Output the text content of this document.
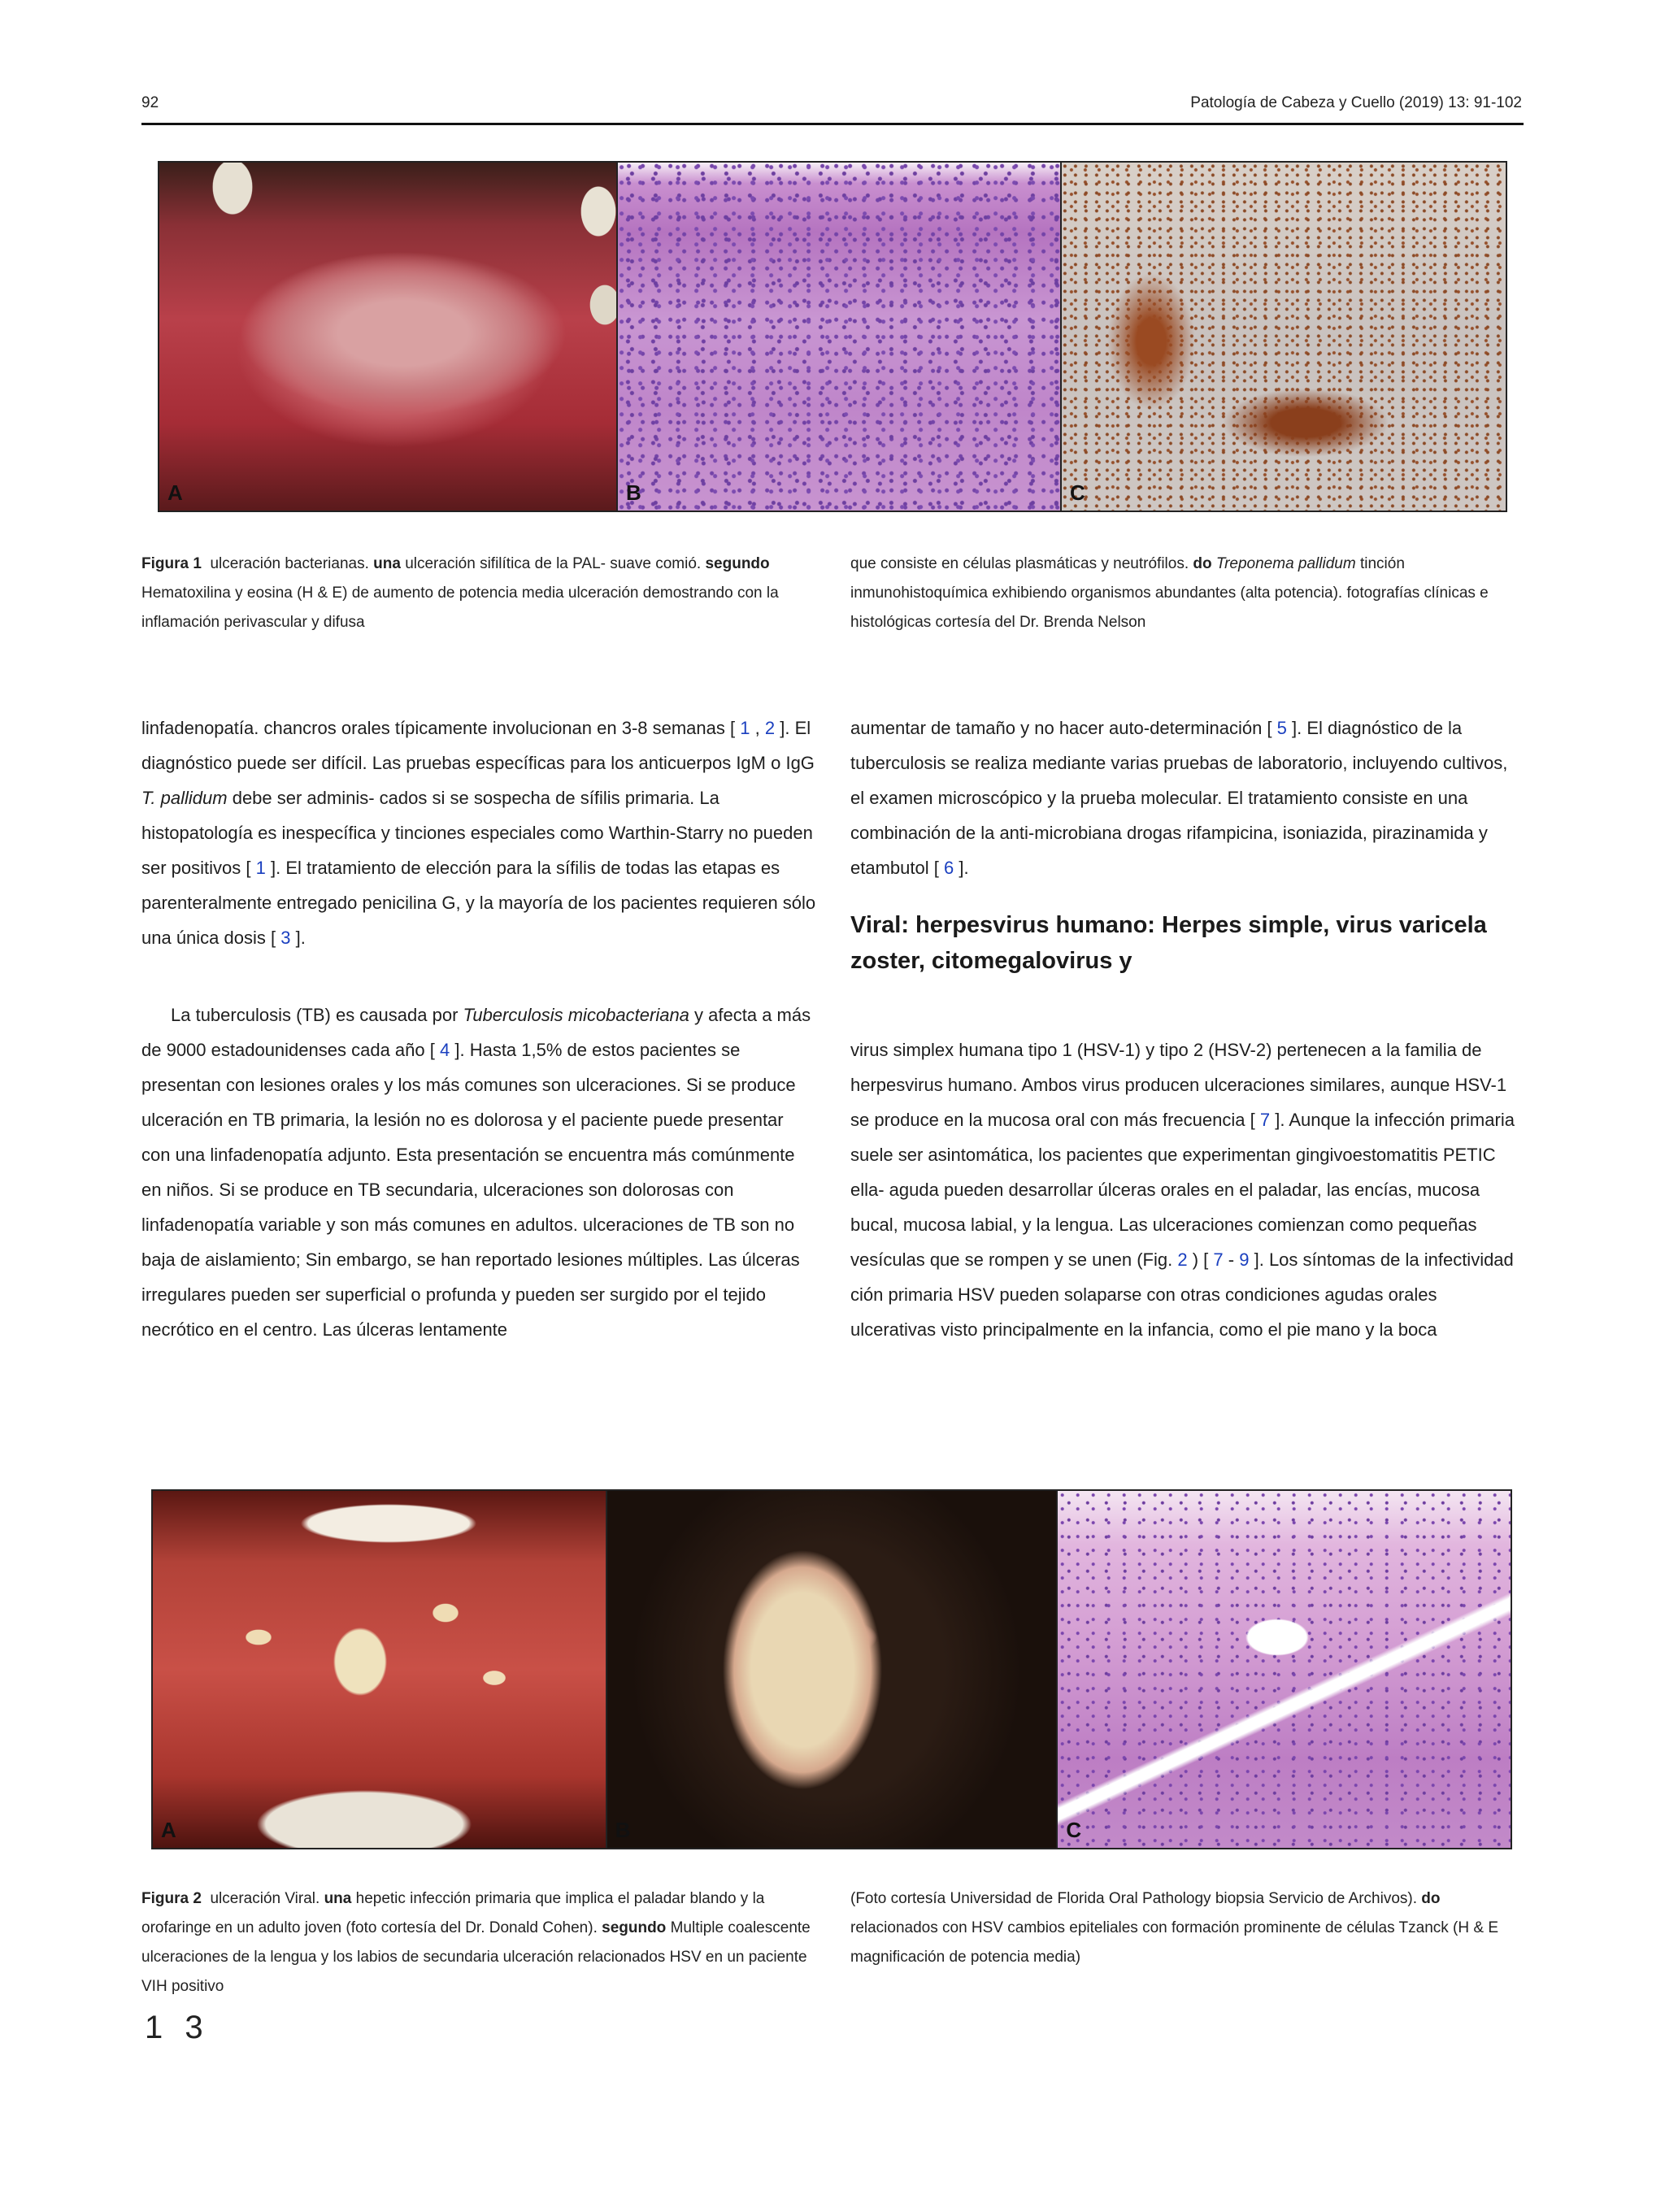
92	Patología de Cabeza y Cuello (2019) 13: 91-102
A	B	C
Figura 1 ulceración bacterianas. una ulceración sifilítica de la PAL- suave comió. segundo Hematoxilina y eosina (H & E) de aumento de potencia media ulceración demostrando con la inflamación perivascular y difusa
que consiste en células plasmáticas y neutrófilos. do Treponema pallidum tinción inmunohistoquímica exhibiendo organismos abundantes (alta potencia). fotografías clínicas e histológicas cortesía del Dr. Brenda Nelson

linfadenopatía. chancros orales típicamente involucionan en 3-8 semanas [ 1 , 2 ]. El diagnóstico puede ser difícil. Las pruebas específicas para los anticuerpos IgM o IgG T. pallidum debe ser adminis- cados si se sospecha de sífilis primaria. La histopatología es inespecífica y tinciones especiales como Warthin-Starry no pueden ser positivos [ 1 ]. El tratamiento de elección para la sífilis de todas las etapas es parenteralmente entregado penicilina G, y la mayoría de los pacientes requieren sólo una única dosis [ 3 ].

La tuberculosis (TB) es causada por Tuberculosis micobacteriana y afecta a más de 9000 estadounidenses cada año [ 4 ]. Hasta 1,5% de estos pacientes se presentan con lesiones orales y los más comunes son ulceraciones. Si se produce ulceración en TB primaria, la lesión no es dolorosa y el paciente puede presentar con una linfadenopatía adjunto. Esta presentación se encuentra más comúnmente en niños. Si se produce en TB secundaria, ulceraciones son dolorosas con linfadenopatía variable y son más comunes en adultos. ulceraciones de TB son no baja de aislamiento; Sin embargo, se han reportado lesiones múltiples. Las úlceras irregulares pueden ser superficial o profunda y pueden ser surgido por el tejido necrótico en el centro. Las úlceras lentamente

aumentar de tamaño y no hacer auto-determinación [ 5 ]. El diagnóstico de la tuberculosis se realiza mediante varias pruebas de laboratorio, incluyendo cultivos, el examen microscópico y la prueba molecular. El tratamiento consiste en una combinación de la anti-microbiana drogas rifampicina, isoniazida, pirazinamida y etambutol [ 6 ].

Viral: herpesvirus humano: Herpes simple, virus varicela zoster, citomegalovirus y

virus simplex humana tipo 1 (HSV-1) y tipo 2 (HSV-2) pertenecen a la familia de herpesvirus humano. Ambos virus producen ulceraciones similares, aunque HSV-1 se produce en la mucosa oral con más frecuencia [ 7 ]. Aunque la infección primaria suele ser asintomática, los pacientes que experimentan gingivoestomatitis PETIC ella- aguda pueden desarrollar úlceras orales en el paladar, las encías, mucosa bucal, mucosa labial, y la lengua. Las ulceraciones comienzan como pequeñas vesículas que se rompen y se unen (Fig. 2 ) [ 7 - 9 ]. Los síntomas de la infectividad ción primaria HSV pueden solaparse con otras condiciones agudas orales ulcerativas visto principalmente en la infancia, como el pie mano y la boca

A	B	C
Figura 2 ulceración Viral. una hepetic infección primaria que implica el paladar blando y la orofaringe en un adulto joven (foto cortesía del Dr. Donald Cohen). segundo Multiple coalescente ulceraciones de la lengua y los labios de secundaria ulceración relacionados HSV en un paciente VIH positivo
(Foto cortesía Universidad de Florida Oral Pathology biopsia Servicio de Archivos). do relacionados con HSV cambios epiteliales con formación prominente de células Tzanck (H & E magnificación de potencia media)
1 3
